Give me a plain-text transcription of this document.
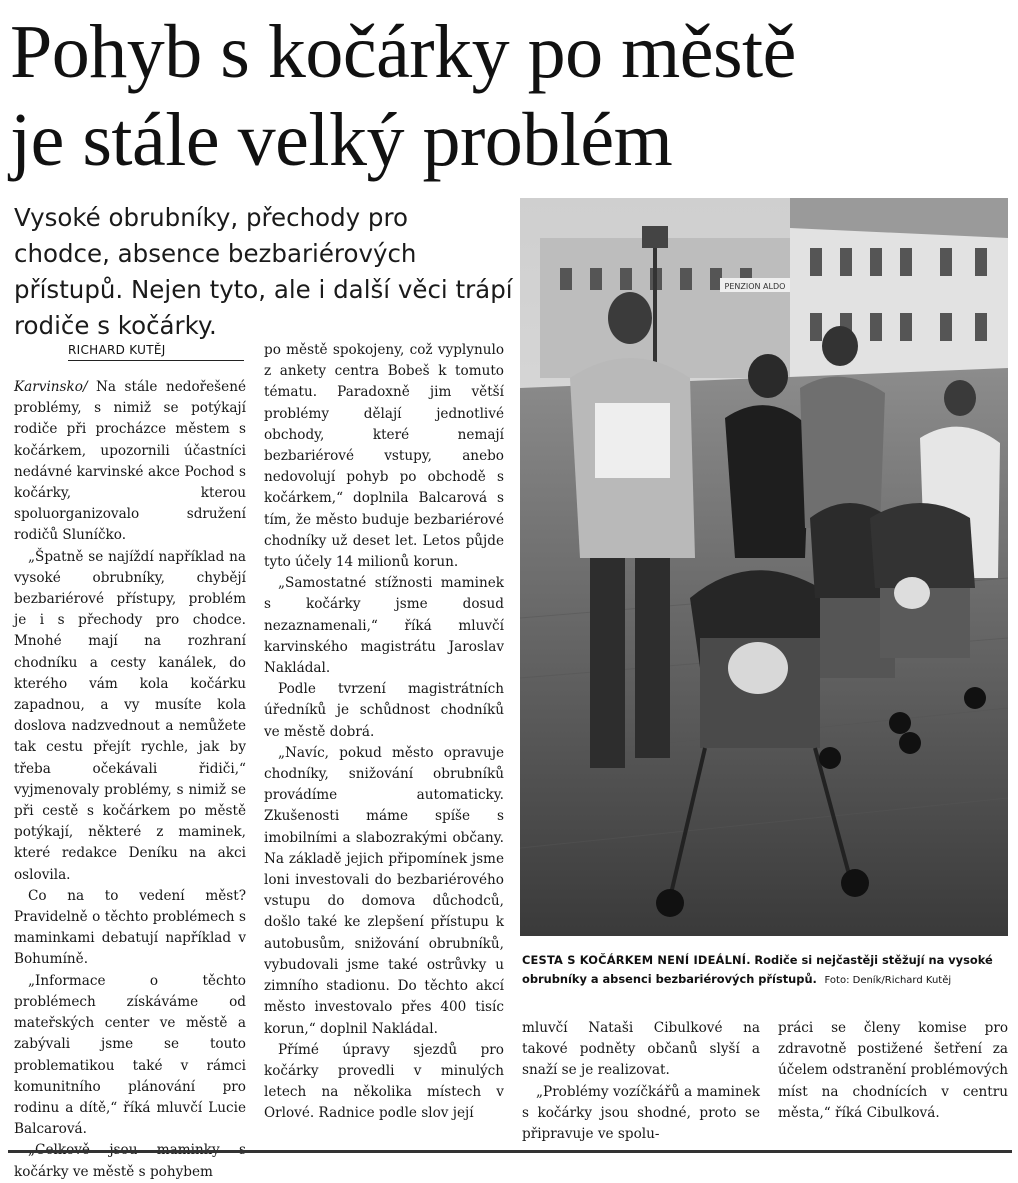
Pohyb s kočárky po městě
je stále velký problém
Vysoké obrubníky, přechody pro
chodce, absence bezbariérových
přístupů. Nejen tyto, ale i další věci trápí
rodiče s kočárky.
RICHARD KUTĚJ

Karvinsko/ Na stále nedořešené problémy, s nimiž se potýkají rodiče při procházce městem s kočárkem, upozornili účastníci nedávné karvinské akce Pochod s kočárky, kterou spoluorganizovalo sdružení rodičů Sluníčko.

„Špatně se najíždí například na vysoké obrubníky, chybějí bezbariérové přístupy, problém je i s přechody pro chodce. Mnohé mají na rozhraní chodníku a cesty kanálek, do kterého vám kola kočárku zapadnou, a vy musíte kola doslova nadzvednout a nemůžete tak cestu přejít rychle, jak by třeba očekávali řidiči,“ vyjmenovaly problémy, s nimiž se při cestě s kočárkem po městě potýkají, některé z maminek, které redakce Deníku na akci oslovila.

Co na to vedení měst? Pravidelně o těchto problémech s maminkami debatují například v Bohumíně.

„Informace o těchto problémech získáváme od mateřských center ve městě a zabývali jsme se touto problematikou také v rámci komunitního plánování pro rodinu a dítě,“ říká mluvčí Lucie Balcarová.

kočárky ve městě s pohybem

po městě spokojeny, což vyplynulo z ankety centra Bobeš k tomuto tématu. Paradoxně jim větší problémy dělají jednotlivé obchody, které nemají bezbariérové vstupy, anebo nedovolují pohyb po obchodě s kočárkem,“ doplnila Balcarová s tím, že město buduje bezbariérové chodníky už deset let. Letos půjde tyto účely 14 milionů korun.

„Samostatné stížnosti maminek s kočárky jsme dosud nezaznamenali,“ říká mluvčí karvinského magistrátu Jaroslav Nakládal.

Podle tvrzení magistrátních úředníků je schůdnost chodníků ve městě dobrá.

„Navíc, pokud město opravuje chodníky, snižování obrubníků provádíme automaticky. Zkušenosti máme spíše s imobilními a slabozrakými občany. Na základě jejich připomínek jsme loni investovali do bezbariérového vstupu do domova důchodců, došlo také ke zlepšení přístupu k autobusům, snižování obrubníků, vybudovali jsme také ostrůvky u zimního stadionu. Do těchto akcí město investovalo přes 400 tisíc korun,“ doplnil Nakládal.

Přímé úpravy sjezdů pro kočárky provedli v minulých letech na několika místech v Orlové. Radnice podle slov její

PENZION ALDO
CESTA S KOČÁRKEM NENÍ IDEÁLNÍ. Rodiče si nejčastěji stěžují na vysoké obrubníky a absenci bezbariérových přístupů. Foto: Deník/Richard Kutěj

mluvčí Nataši Cibulkové na takové podněty občanů slyší a snaží se je realizovat.

„Problémy vozíčkářů a maminek s kočárky jsou shodné, proto se připravuje ve spolu-

práci se členy komise pro zdravotně postižené šetření za účelem odstranění problémových míst na chodnících v centru města,“ říká Cibulková.
